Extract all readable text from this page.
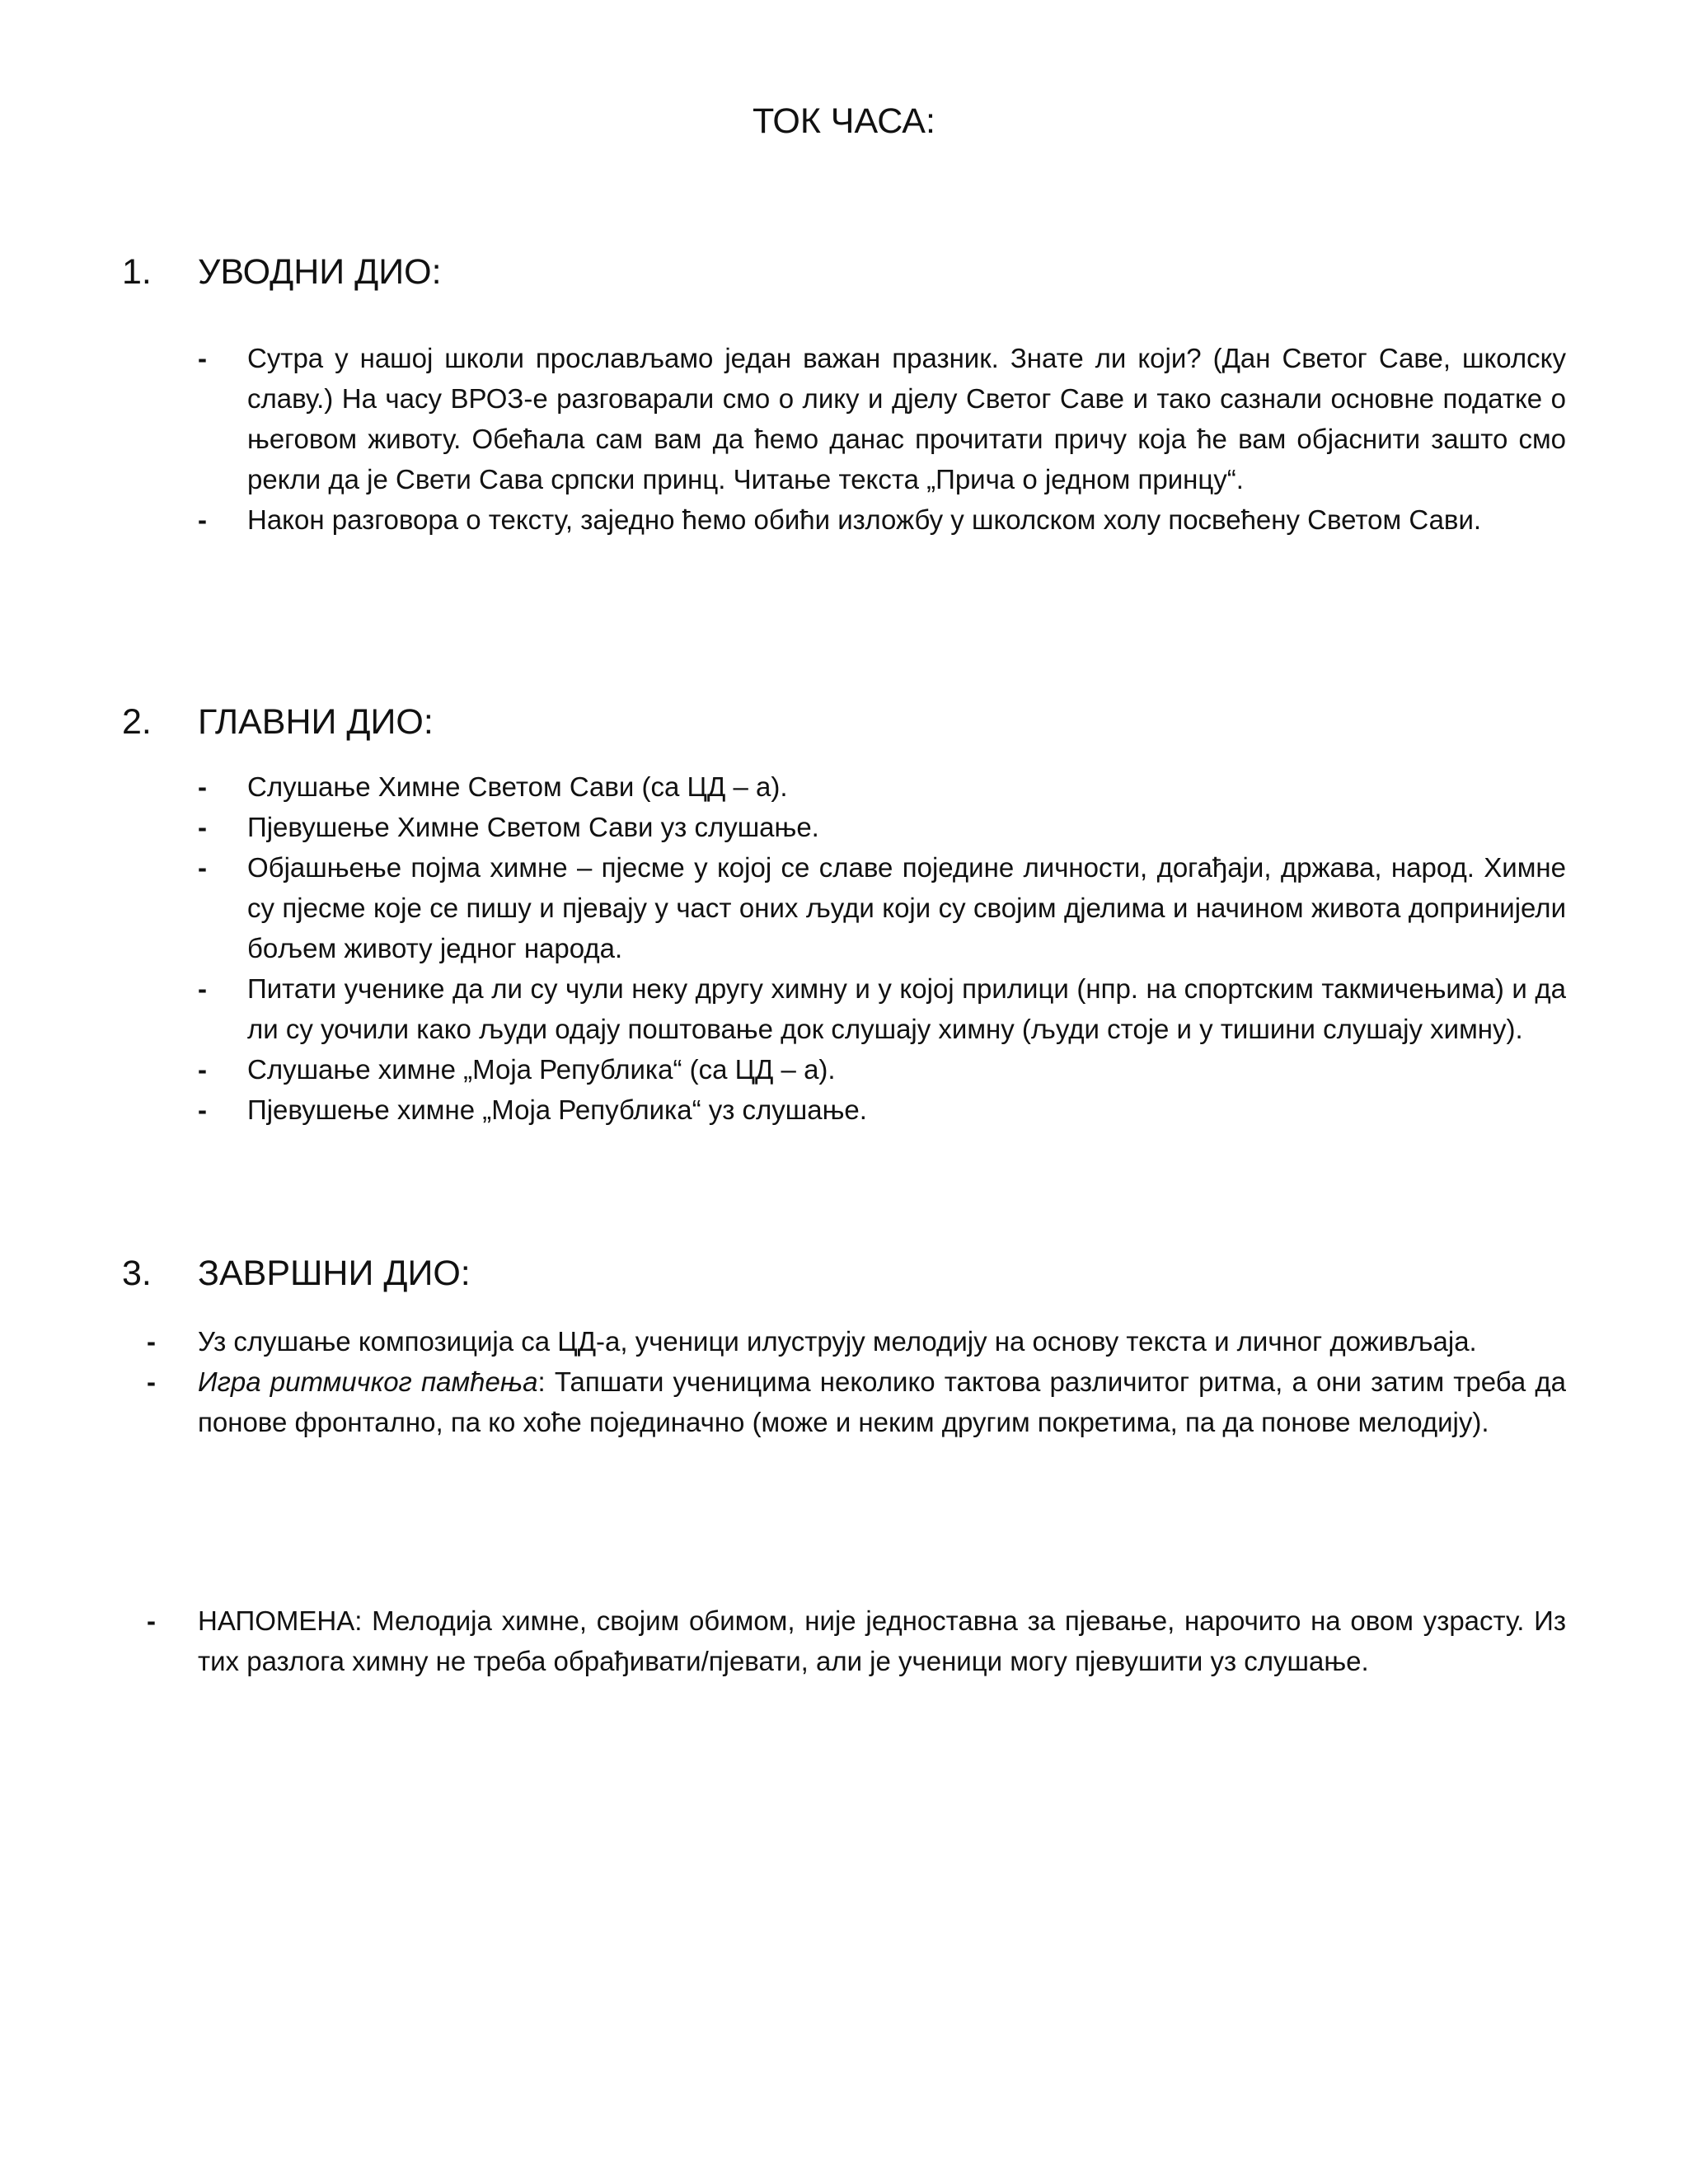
ТОК ЧАСА:
1.	УВОДНИ ДИО:
- Сутра у нашој школи прослављамо један важан празник. Знате ли који? (Дан Светог Саве, школску славу.) На часу ВРОЗ-е разговарали смо о лику и дјелу Светог Саве и тако сазнали основне податке о његовом животу. Обећала сам вам да ћемо данас прочитати причу која ће вам објаснити зашто смо рекли да је Свети Сава српски принц. Читање текста „Прича о једном принцу“.
- Након разговора о тексту, заједно ћемо обићи изложбу у школском холу посвећену Светом Сави.
2.	ГЛАВНИ ДИО:
- Слушање Химне Светом Сави (са ЦД – а).
- Пјевушење Химне Светом Сави уз слушање.
- Објашњење појма химне – пјесме у којој се славе поједине личности, догађаји, држава, народ. Химне су пјесме које се пишу и пјевају у част оних људи који су својим дјелима и начином живота допринијели бољем животу једног народа.
- Питати ученике да ли су чули неку другу химну и у којој прилици (нпр. на спортским такмичењима) и да ли су уочили како људи одају поштовање док слушају химну (људи стоје и у тишини слушају химну).
- Слушање химне „Моја Република“ (са ЦД – а).
- Пјевушење химне „Моја Република“ уз слушање.
3.	ЗАВРШНИ ДИО:
- Уз слушање композиција са ЦД-а, ученици илуструју мелодију на основу текста и личног доживљаја.
- Игра ритмичког памћења: Тапшати ученицима неколико тактова различитог ритма, а они затим треба да понове фронтално, па ко хоће појединачно (може и неким другим покретима, па да понове мелодију).
- НАПОМЕНА: Мелодија химне, својим обимом, није једноставна за пјевање, нарочито на овом узрасту. Из тих разлога химну не треба обрађивати/пјевати, али је ученици могу пјевушити уз слушање.
